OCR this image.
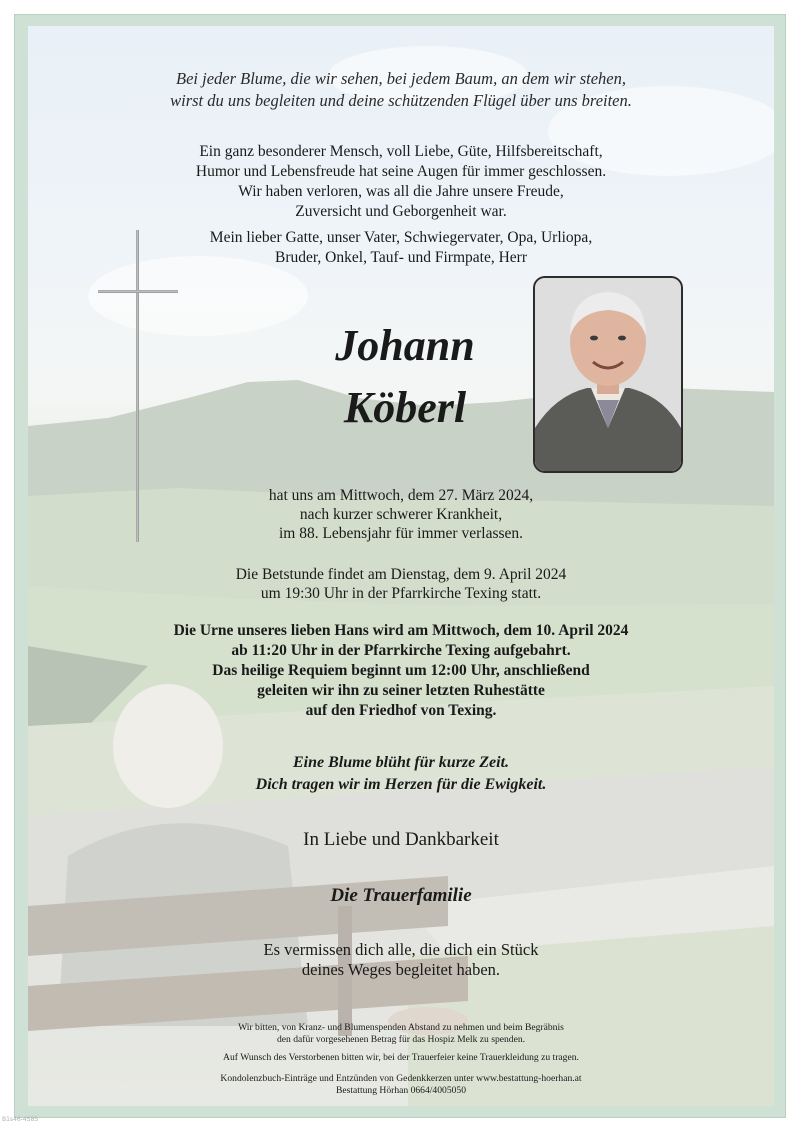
Bei jeder Blume, die wir sehen, bei jedem Baum, an dem wir stehen,
wirst du uns begleiten und deine schützenden Flügel über uns breiten.

Ein ganz besonderer Mensch, voll Liebe, Güte, Hilfsbereitschaft,
Humor und Lebensfreude hat seine Augen für immer geschlossen.
Wir haben verloren, was all die Jahre unsere Freude,
Zuversicht und Geborgenheit war.

Mein lieber Gatte, unser Vater, Schwiegervater, Opa, Urliopa,
Bruder, Onkel, Tauf- und Firmpate, Herr

Johann

Köberl

hat uns am Mittwoch, dem 27. März 2024,
nach kurzer schwerer Krankheit,
im 88. Lebensjahr für immer verlassen.

Die Betstunde findet am Dienstag, dem 9. April 2024
um 19:30 Uhr in der Pfarrkirche Texing statt.

Die Urne unseres lieben Hans wird am Mittwoch, dem 10. April 2024
ab 11:20 Uhr in der Pfarrkirche Texing aufgebahrt.
Das heilige Requiem beginnt um 12:00 Uhr, anschließend
geleiten wir ihn zu seiner letzten Ruhestätte
auf den Friedhof von Texing.

Eine Blume blüht für kurze Zeit.
Dich tragen wir im Herzen für die Ewigkeit.

In Liebe und Dankbarkeit

Die Trauerfamilie

Es vermissen dich alle, die dich ein Stück
deines Weges begleitet haben.

Wir bitten, von Kranz- und Blumenspenden Abstand zu nehmen und beim Begräbnis
den dafür vorgesehenen Betrag für das Hospiz Melk zu spenden.

Auf Wunsch des Verstorbenen bitten wir, bei der Trauerfeier keine Trauerkleidung zu tragen.

Kondolenzbuch-Einträge und Entzünden von Gedenkkerzen unter www.bestattung-hoerhan.at
Bestattung Hörhan 0664/4005050

B1s46-4S8S
